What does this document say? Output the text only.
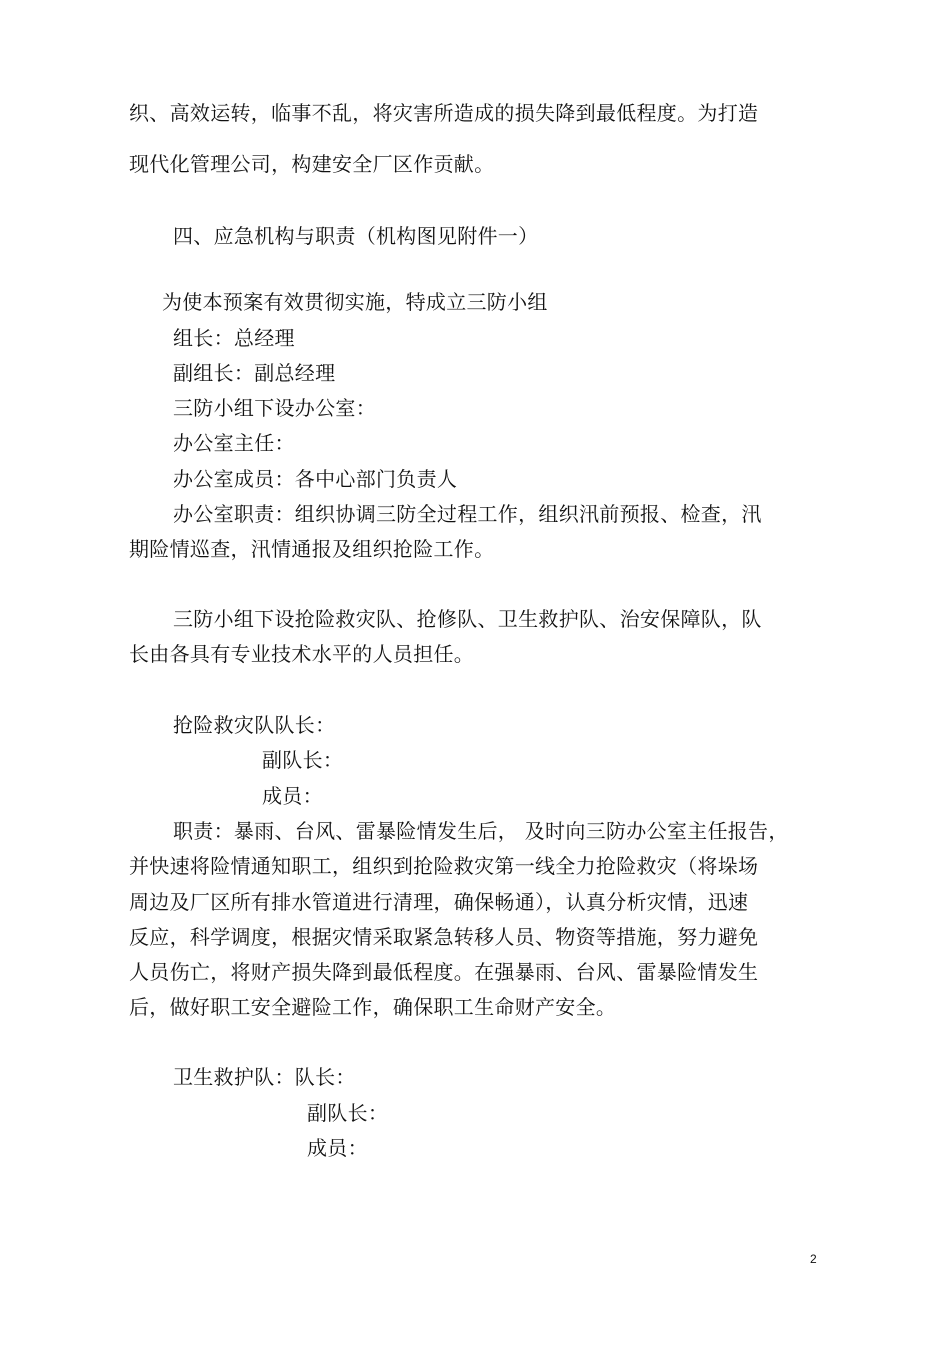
织、高效运转，临事不乱，将灾害所造成的损失降到最低程度。为打造
现代化管理公司，构建安全厂区作贡献。
四、应急机构与职责（机构图见附件一）
为使本预案有效贯彻实施，特成立三防小组
组长：总经理
副组长：副总经理
三防小组下设办公室：
办公室主任：
办公室成员：各中心部门负责人
办公室职责：组织协调三防全过程工作，组织汛前预报、检查，汛
期险情巡查，汛情通报及组织抢险工作。
三防小组下设抢险救灾队、抢修队、卫生救护队、治安保障队，队
长由各具有专业技术水平的人员担任。
抢险救灾队队长：
副队长：
成员：
职责：暴雨、台风、雷暴险情发生后， 及时向三防办公室主任报告，
并快速将险情通知职工，组织到抢险救灾第一线全力抢险救灾（将垛场
周边及厂区所有排水管道进行清理，确保畅通），认真分析灾情，迅速
反应，科学调度，根据灾情采取紧急转移人员、物资等措施，努力避免
人员伤亡，将财产损失降到最低程度。在强暴雨、台风、雷暴险情发生
后，做好职工安全避险工作，确保职工生命财产安全。
卫生救护队：队长：
副队长：
成员：
2
